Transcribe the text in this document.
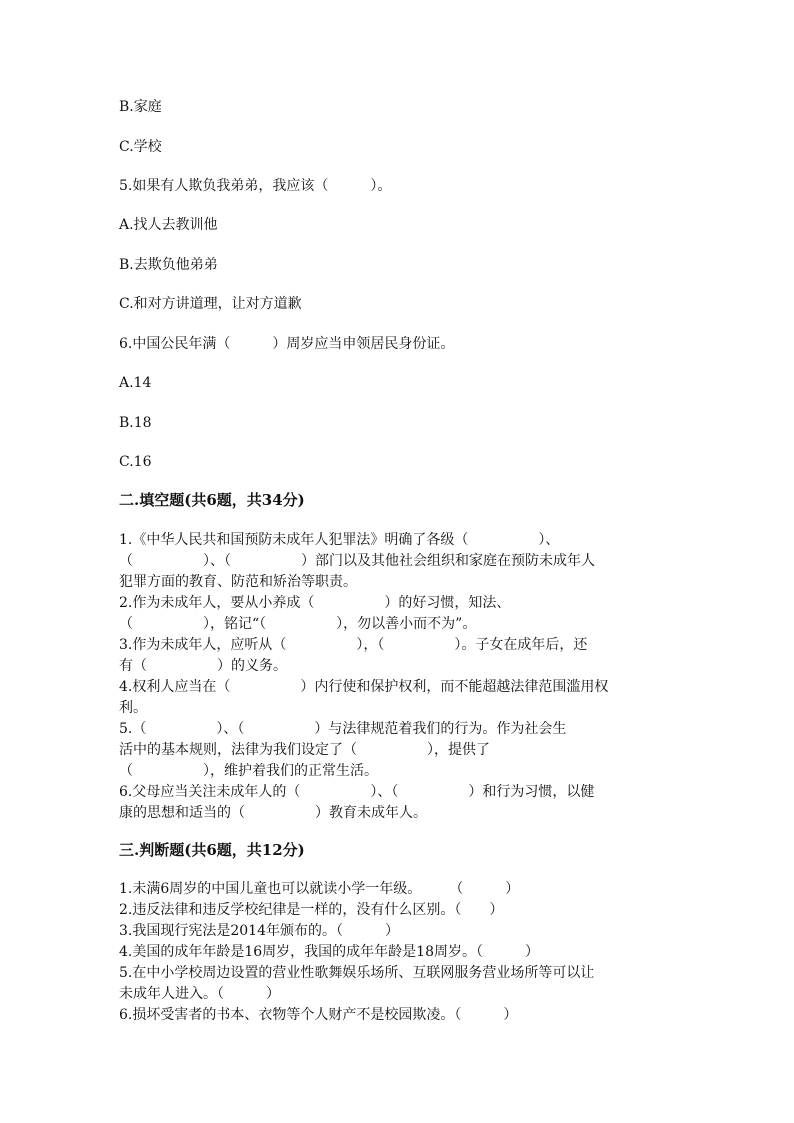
B.家庭
C.学校
5.如果有人欺负我弟弟，我应该（　　　）。
A.找人去教训他
B.去欺负他弟弟
C.和对方讲道理，让对方道歉
6.中国公民年满（　　　）周岁应当申领居民身份证。
A.14
B.18
C.16
二.填空题(共6题，共34分)
1.《中华人民共和国预防未成年人犯罪法》明确了各级（　　　　　）、
（　　　　　）、（　　　　　）部门以及其他社会组织和家庭在预防未成年人
犯罪方面的教育、防范和矫治等职责。
2.作为未成年人，要从小养成（　　　　　）的好习惯，知法、
（　　　　　），铭记“（　　　　　），勿以善小而不为”。
3.作为未成年人，应听从（　　　　　），（　　　　　）。子女在成年后，还
有（　　　　　）的义务。
4.权利人应当在（　　　　　）内行使和保护权利，而不能超越法律范围滥用权
利。
5.（　　　　　）、（　　　　　）与法律规范着我们的行为。作为社会生
活中的基本规则，法律为我们设定了（　　　　　），提供了
（　　　　　），维护着我们的正常生活。
6.父母应当关注未成年人的（　　　　　）、（　　　　　）和行为习惯，以健
康的思想和适当的（　　　　　）教育未成年人。
三.判断题(共6题，共12分)
1.未满6周岁的中国儿童也可以就读小学一年级。　　　（　　　）
2.违反法律和违反学校纪律是一样的，没有什么区别。（　　）
3.我国现行宪法是2014年颁布的。（　　　）
4.美国的成年年龄是16周岁，我国的成年年龄是18周岁。（　　　）
5.在中小学校周边设置的营业性歌舞娱乐场所、互联网服务营业场所等可以让
未成年人进入。（　　　）
6.损坏受害者的书本、衣物等个人财产不是校园欺凌。（　　　）
